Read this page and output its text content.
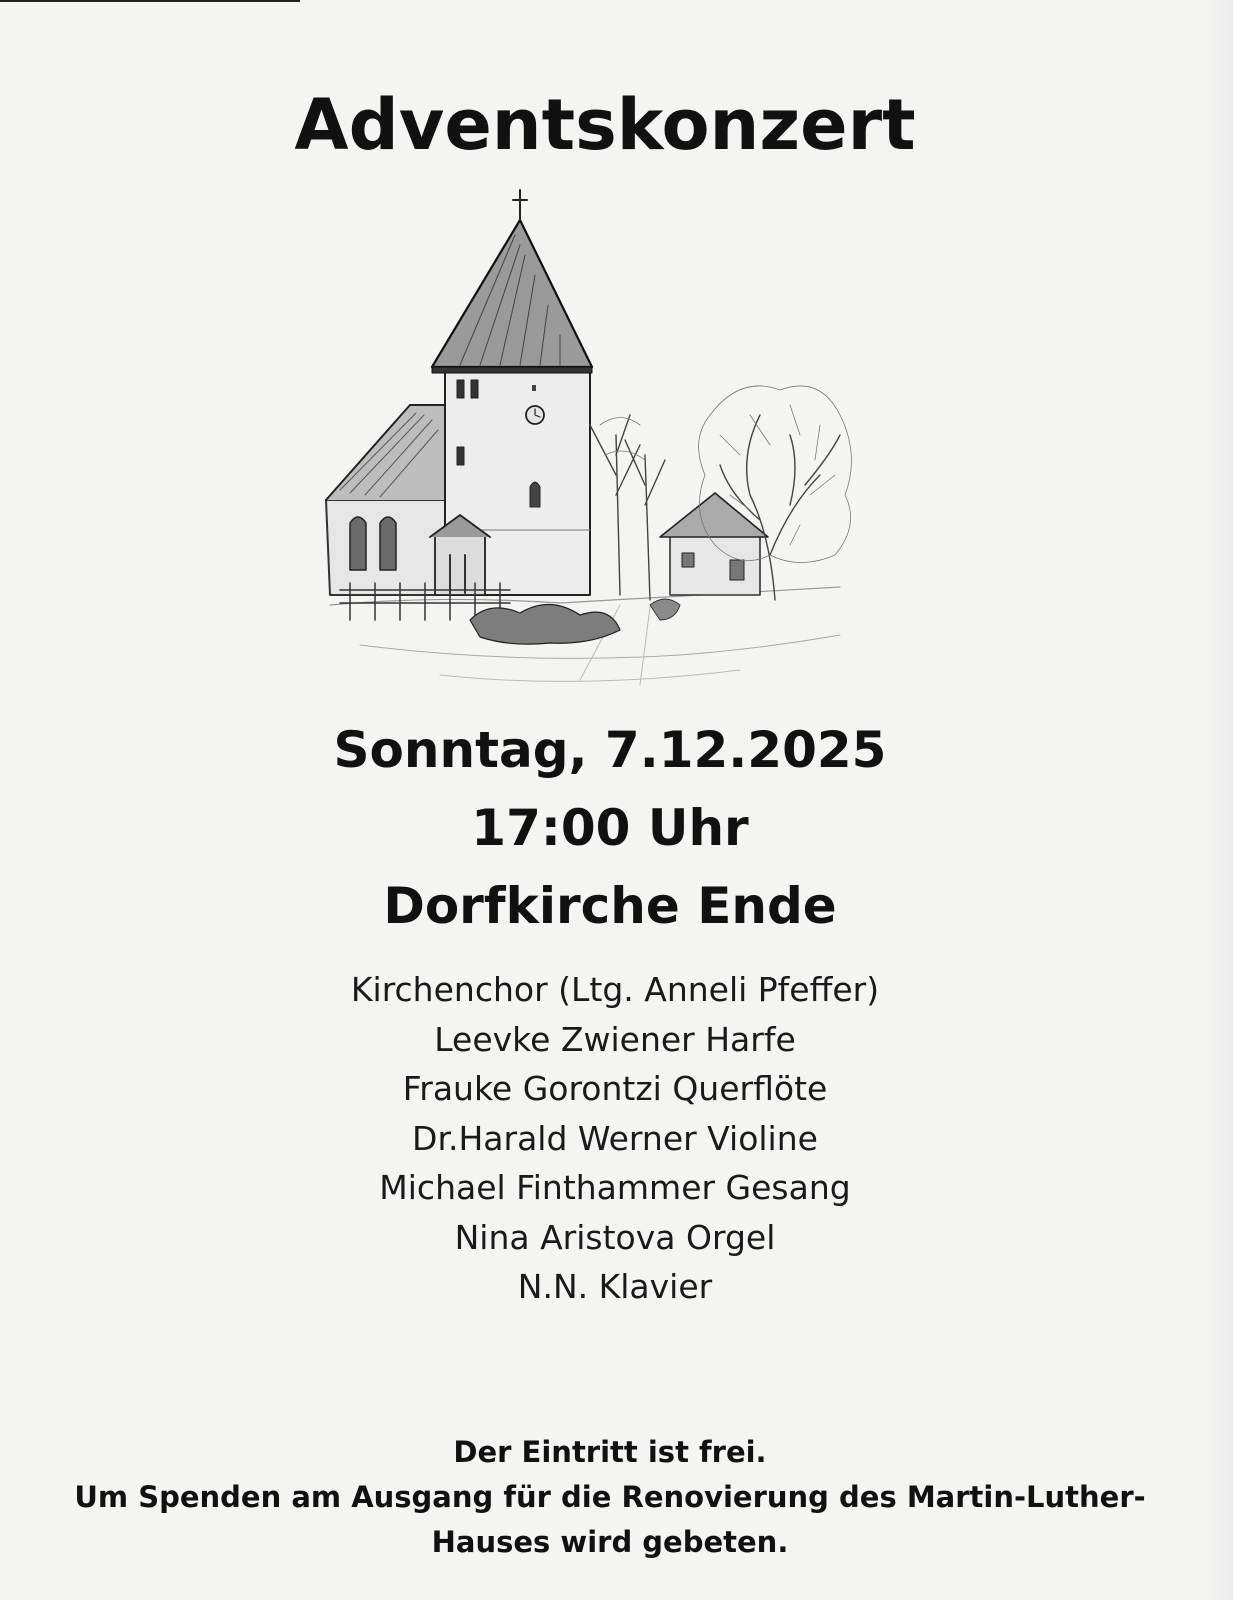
Adventskonzert
Sonntag, 7.12.2025
17:00 Uhr
Dorfkirche Ende
Kirchenchor (Ltg. Anneli Pfeffer)
Leevke Zwiener Harfe
Frauke Gorontzi Querflöte
Dr.Harald Werner Violine
Michael Finthammer Gesang
Nina Aristova Orgel
N.N. Klavier
Der Eintritt ist frei.
Um Spenden am Ausgang für die Renovierung des Martin-Luther-
Hauses wird gebeten.
